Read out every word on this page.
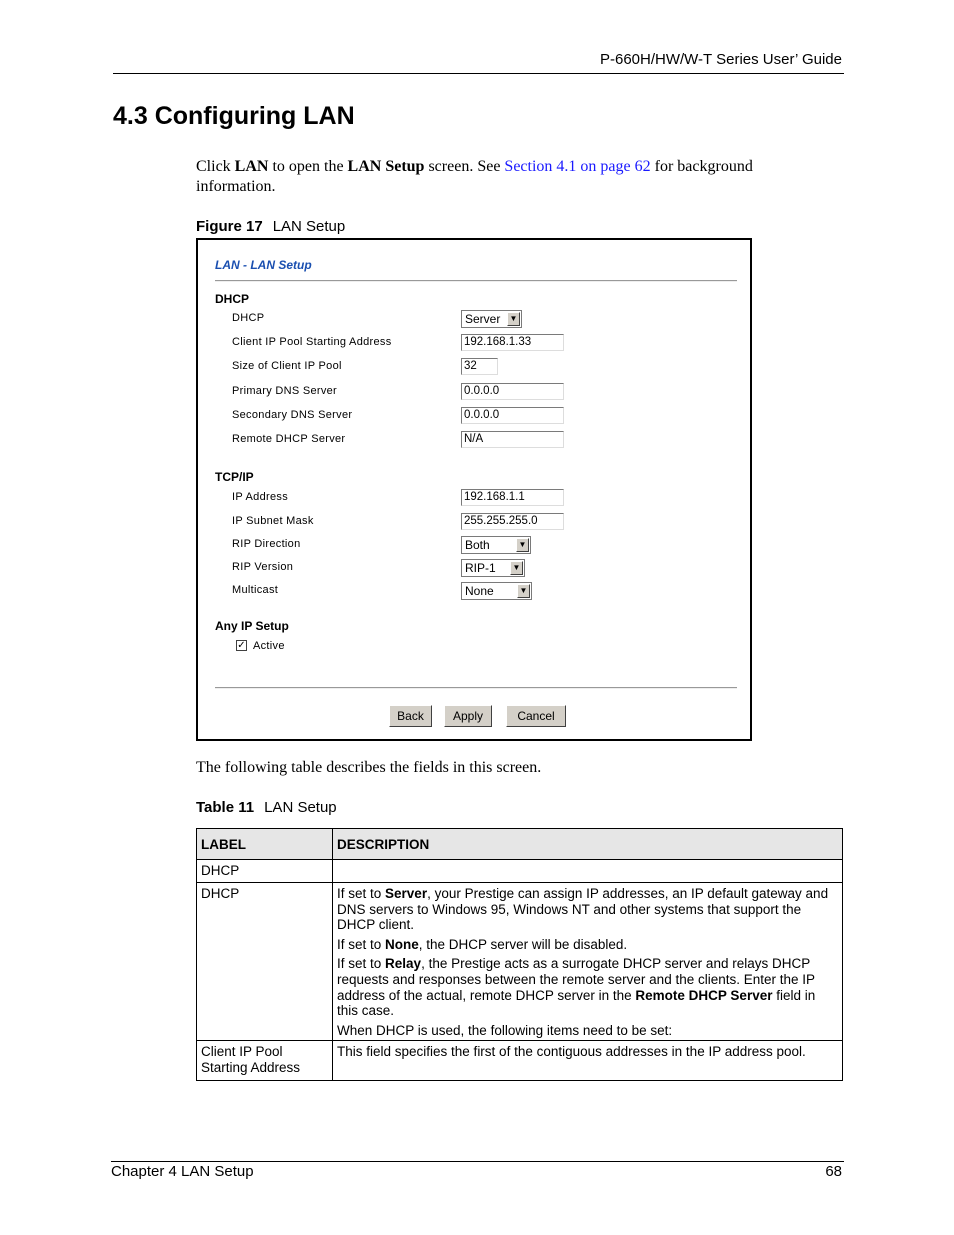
P-660H/HW/W-T Series User’ Guide
4.3 Configuring LAN
Click LAN to open the LAN Setup screen. See Section 4.1 on page 62 for background information.
Figure 17 LAN Setup
LAN - LAN Setup
DHCP
DHCP	Server	▼
Client IP Pool Starting Address	192.168.1.33
Size of Client IP Pool	32
Primary DNS Server	0.0.0.0
Secondary DNS Server	0.0.0.0
Remote DHCP Server	N/A
TCP/IP
IP Address	192.168.1.1
IP Subnet Mask	255.255.255.0
RIP Direction	Both	▼
RIP Version	RIP-1	▼
Multicast	None	▼
Any IP Setup
✓ Active
Back	Apply	Cancel
The following table describes the fields in this screen.
Table 11 LAN Setup
LABEL	DESCRIPTION
DHCP	
DHCP	If set to Server, your Prestige can assign IP addresses, an IP default gateway and DNS servers to Windows 95, Windows NT and other systems that support the DHCP client.

If set to None, the DHCP server will be disabled.

If set to Relay, the Prestige acts as a surrogate DHCP server and relays DHCP requests and responses between the remote server and the clients. Enter the IP address of the actual, remote DHCP server in the Remote DHCP Server field in this case.

When DHCP is used, the following items need to be set:

Client IP Pool
Starting Address	This field specifies the first of the contiguous addresses in the IP address pool.
Chapter 4 LAN Setup	68
